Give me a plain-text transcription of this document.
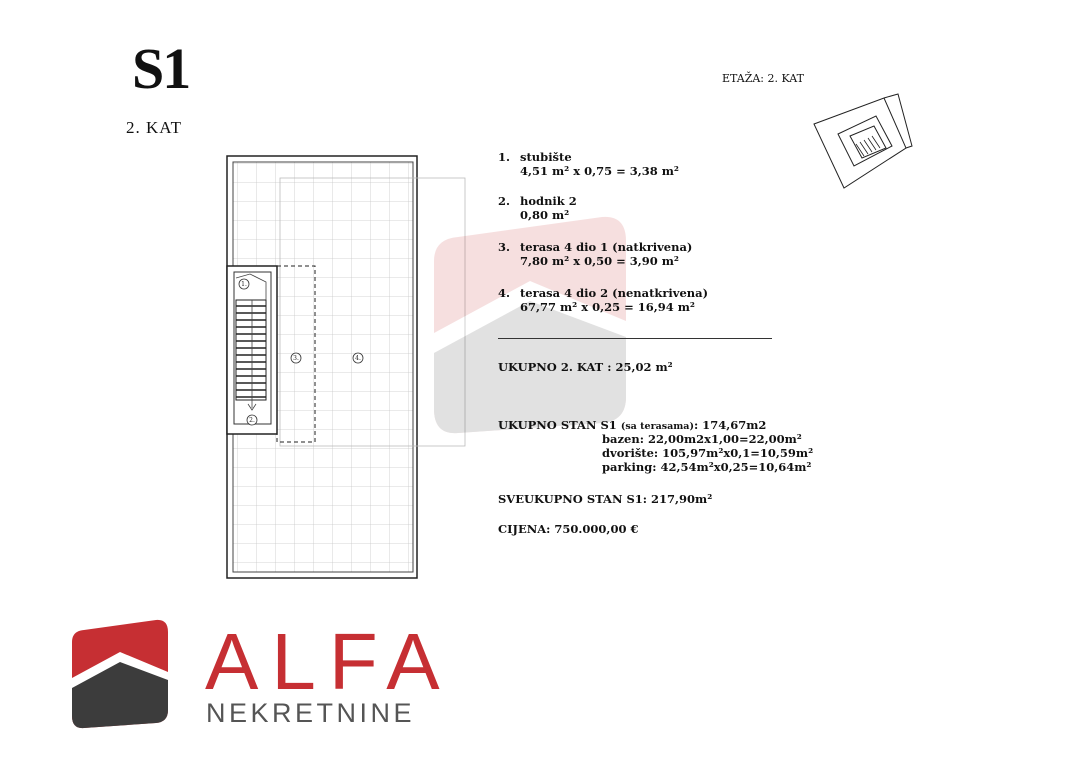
S1
2. KAT
ETAŽA: 2. KAT
1.
2.
3.	4.
1. stubište
4,51 m² x 0,75 = 3,38 m²
2. hodnik 2
0,80 m²
3. terasa 4 dio 1 (natkrivena)
7,80 m² x 0,50 = 3,90 m²
4. terasa 4 dio 2 (nenatkrivena)
67,77 m² x 0,25 = 16,94 m²
UKUPNO 2. KAT : 25,02 m²
UKUPNO STAN S1 (sa terasama): 174,67m2
bazen: 22,00m2x1,00=22,00m²
dvorište: 105,97m²x0,1=10,59m²
parking: 42,54m²x0,25=10,64m²
SVEUKUPNO STAN S1: 217,90m²
CIJENA: 750.000,00 €
ALFA
NEKRETNINE
